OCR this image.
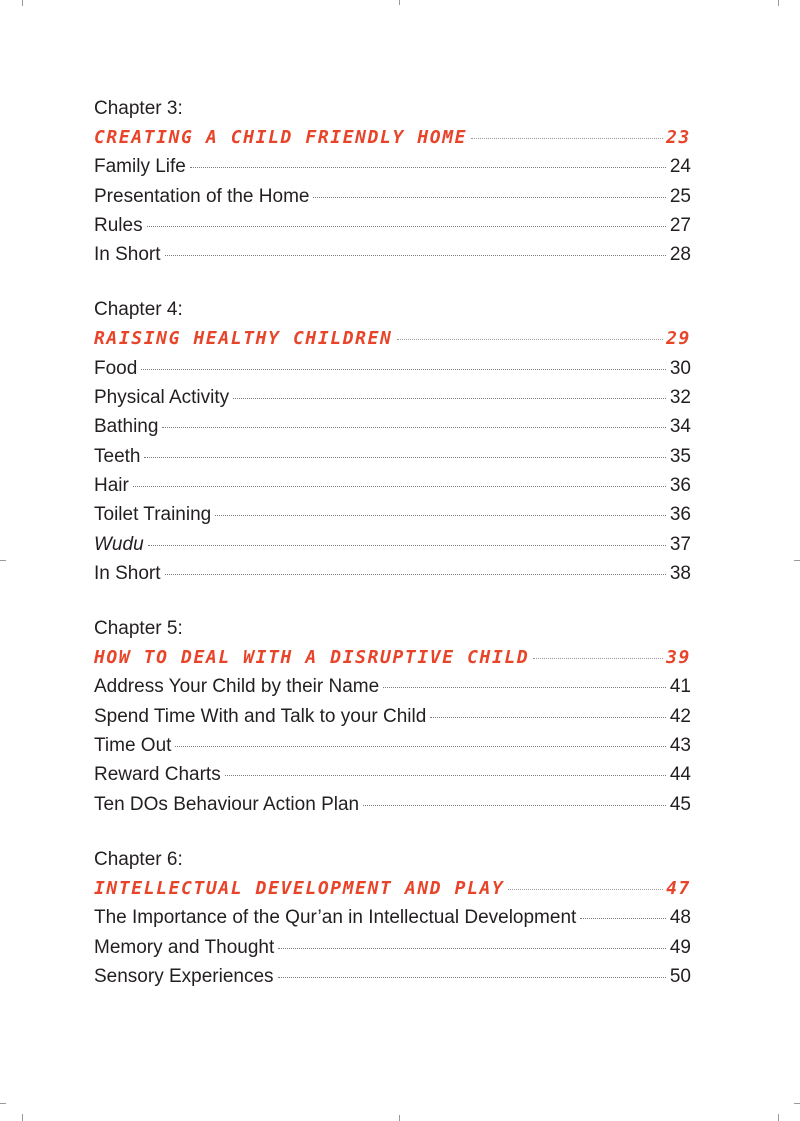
Chapter 3:
CREATING A CHILD FRIENDLY HOME	23
Family Life	24
Presentation of the Home	25
Rules	27
In Short	28
Chapter 4:
RAISING HEALTHY CHILDREN	29
Food	30
Physical Activity	32
Bathing	34
Teeth	35
Hair	36
Toilet Training	36
Wudu	37
In Short	38
Chapter 5:
HOW TO DEAL WITH A DISRUPTIVE CHILD	39
Address Your Child by their Name	41
Spend Time With and Talk to your Child	42
Time Out	43
Reward Charts	44
Ten DOs Behaviour Action Plan	45
Chapter 6:
INTELLECTUAL DEVELOPMENT AND PLAY	47
The Importance of the Qur’an in Intellectual Development	48
Memory and Thought	49
Sensory Experiences	50
